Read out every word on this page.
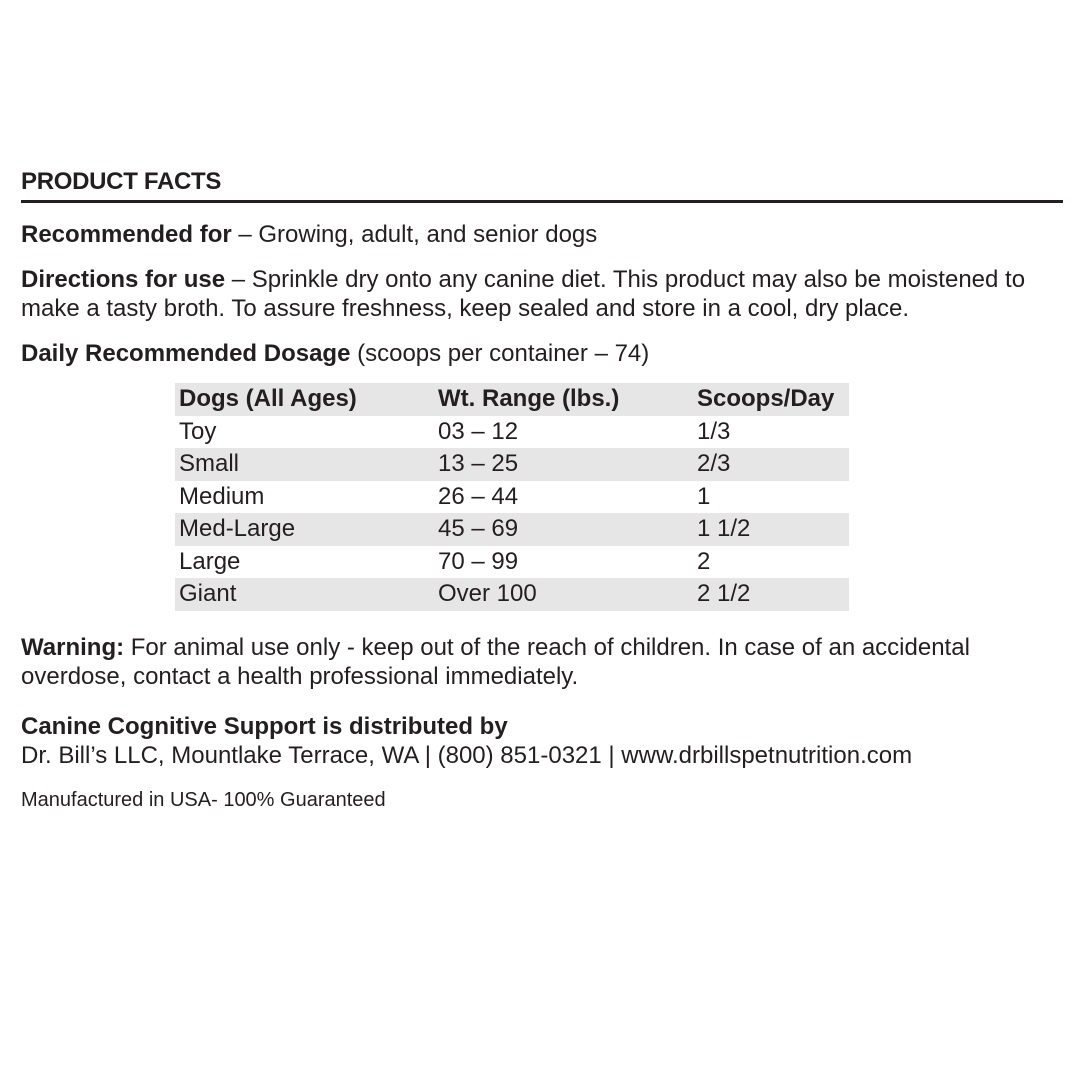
PRODUCT FACTS

Recommended for – Growing, adult, and senior dogs

Directions for use – Sprinkle dry onto any canine diet. This product may also be moistened to make a tasty broth. To assure freshness, keep sealed and store in a cool, dry place.

Daily Recommended Dosage (scoops per container – 74)

Dogs (All Ages)	Wt. Range (lbs.)	Scoops/Day
Toy	03 – 12	1/3
Small	13 – 25	2/3
Medium	26 – 44	1
Med-Large	45 – 69	1 1/2
Large	70 – 99	2
Giant	Over 100	2 1/2

Warning: For animal use only - keep out of the reach of children. In case of an accidental overdose, contact a health professional immediately.

Canine Cognitive Support is distributed by
Dr. Bill’s LLC, Mountlake Terrace, WA | (800) 851-0321 | www.drbillspetnutrition.com

Manufactured in USA- 100% Guaranteed
